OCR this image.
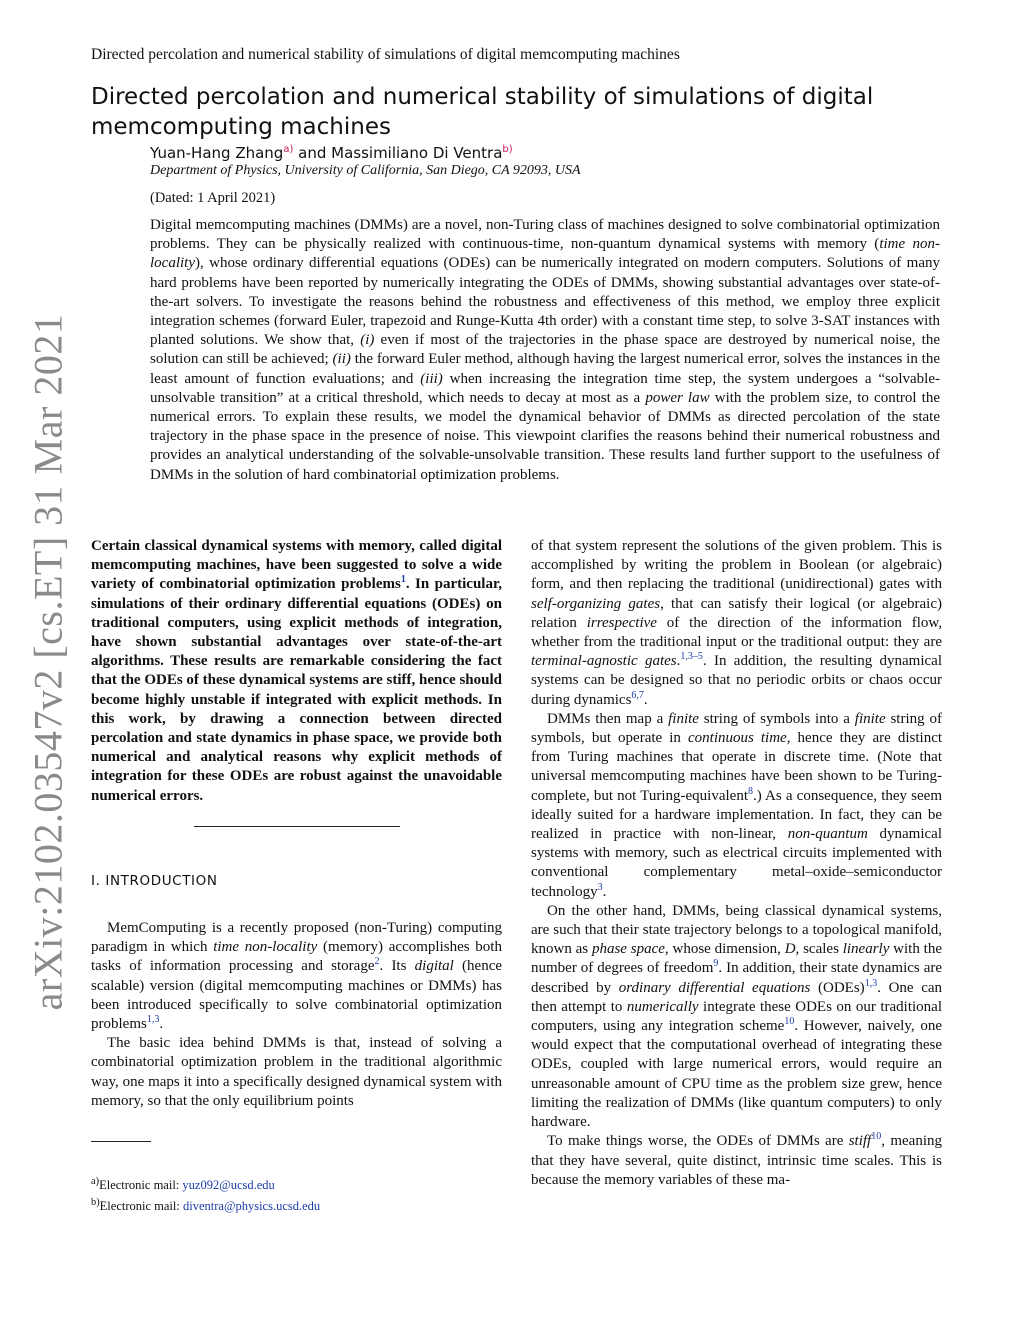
Directed percolation and numerical stability of simulations of digital memcomputing machines
arXiv:2102.03547v2 [cs.ET] 31 Mar 2021
Directed percolation and numerical stability of simulations of digital memcomputing machines
Yuan-Hang Zhang$^{a)}$ and Massimiliano Di Ventra$^{b)}$
Department of Physics, University of California, San Diego, CA 92093, USA
(Dated: 1 April 2021)
Digital memcomputing machines (DMMs) are a novel, non-Turing class of machines designed to solve combinatorial optimization problems. They can be physically realized with continuous-time, non-quantum dynamical systems with memory (time non-locality), whose ordinary differential equations (ODEs) can be numerically integrated on modern computers. Solutions of many hard problems have been reported by numerically integrating the ODEs of DMMs, showing substantial advantages over state-of-the-art solvers. To investigate the reasons behind the robustness and effectiveness of this method, we employ three explicit integration schemes (forward Euler, trapezoid and Runge-Kutta 4th order) with a constant time step, to solve 3-SAT instances with planted solutions. We show that, (i) even if most of the trajectories in the phase space are destroyed by numerical noise, the solution can still be achieved; (ii) the forward Euler method, although having the largest numerical error, solves the instances in the least amount of function evaluations; and (iii) when increasing the integration time step, the system undergoes a “solvable-unsolvable transition” at a critical threshold, which needs to decay at most as a power law with the problem size, to control the numerical errors. To explain these results, we model the dynamical behavior of DMMs as directed percolation of the state trajectory in the phase space in the presence of noise. This viewpoint clarifies the reasons behind their numerical robustness and provides an analytical understanding of the solvable-unsolvable transition. These results land further support to the usefulness of DMMs in the solution of hard combinatorial optimization problems.

Certain classical dynamical systems with memory, called digital memcomputing machines, have been suggested to solve a wide variety of combinatorial optimization problems$^1$. In particular, simulations of their ordinary differential equations (ODEs) on traditional computers, using explicit methods of integration, have shown substantial advantages over state-of-the-art algorithms. These results are remarkable considering the fact that the ODEs of these dynamical systems are stiff, hence should become highly unstable if integrated with explicit methods. In this work, by drawing a connection between directed percolation and state dynamics in phase space, we provide both numerical and analytical reasons why explicit methods of integration for these ODEs are robust against the unavoidable numerical errors.

I. INTRODUCTION

MemComputing is a recently proposed (non-Turing) computing paradigm in which time non-locality (memory) accomplishes both tasks of information processing and storage$^2$. Its digital (hence scalable) version (digital memcomputing machines or DMMs) has been introduced specifically to solve combinatorial optimization problems$^{1,3}$.

The basic idea behind DMMs is that, instead of solving a combinatorial optimization problem in the traditional algorithmic way, one maps it into a specifically designed dynamical system with memory, so that the only equilibrium points

$^{a)}$Electronic mail: yuz092@ucsd.edu
$^{b)}$Electronic mail: diventra@physics.ucsd.edu

of that system represent the solutions of the given problem. This is accomplished by writing the problem in Boolean (or algebraic) form, and then replacing the traditional (unidirectional) gates with self-organizing gates, that can satisfy their logical (or algebraic) relation irrespective of the direction of the information flow, whether from the traditional input or the traditional output: they are terminal-agnostic gates.$^{1,3-5}$. In addition, the resulting dynamical systems can be designed so that no periodic orbits or chaos occur during dynamics$^{6,7}$.

DMMs then map a finite string of symbols into a finite string of symbols, but operate in continuous time, hence they are distinct from Turing machines that operate in discrete time. (Note that universal memcomputing machines have been shown to be Turing-complete, but not Turing-equivalent$^8$.) As a consequence, they seem ideally suited for a hardware implementation. In fact, they can be realized in practice with non-linear, non-quantum dynamical systems with memory, such as electrical circuits implemented with conventional complementary metal–oxide–semiconductor technology$^3$.

On the other hand, DMMs, being classical dynamical systems, are such that their state trajectory belongs to a topological manifold, known as phase space, whose dimension, D, scales linearly with the number of degrees of freedom$^9$. In addition, their state dynamics are described by ordinary differential equations (ODEs)$^{1,3}$. One can then attempt to numerically integrate these ODEs on our traditional computers, using any integration scheme$^{10}$. However, naively, one would expect that the computational overhead of integrating these ODEs, coupled with large numerical errors, would require an unreasonable amount of CPU time as the problem size grew, hence limiting the realization of DMMs (like quantum computers) to only hardware.

To make things worse, the ODEs of DMMs are stiff$^{10}$, meaning that they have several, quite distinct, intrinsic time scales. This is because the memory variables of these ma-
